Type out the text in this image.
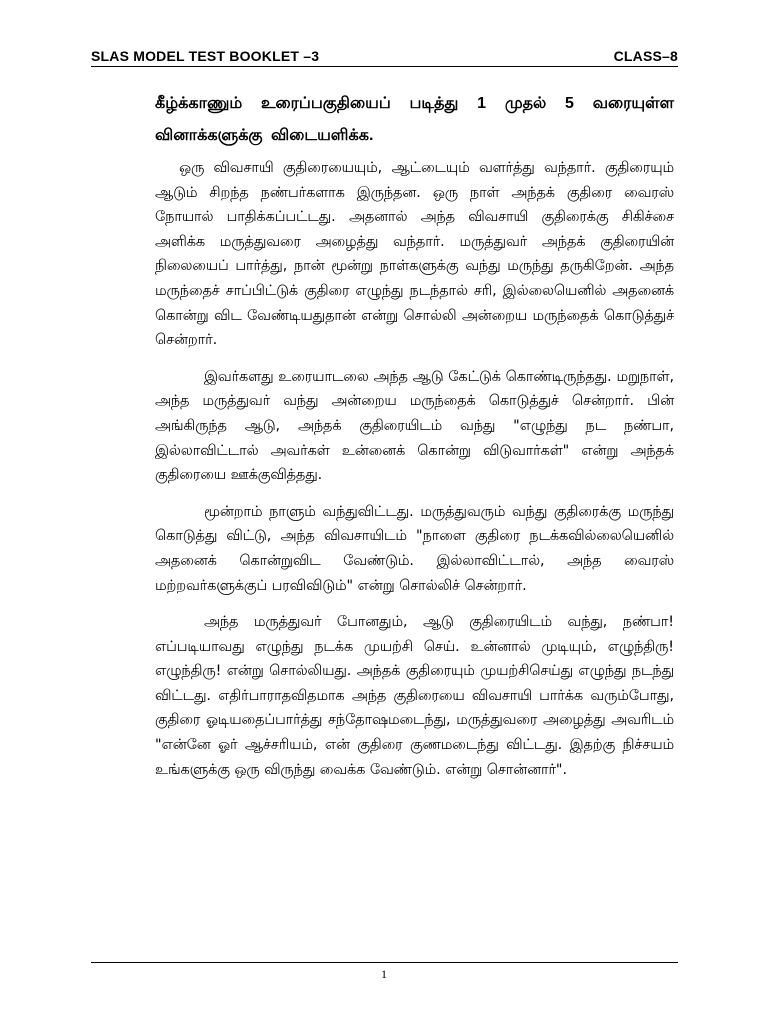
SLAS MODEL TEST BOOKLET –3	CLASS–8

கீழ்க்காணும் உரைப்பகுதியைப் படித்து 1 முதல் 5 வரையுள்ள வினாக்களுக்கு விடையளிக்க.

ஒரு விவசாயி குதிரையையும், ஆட்டையும் வளர்த்து வந்தார். குதிரையும் ஆடும் சிறந்த நண்பர்களாக இருந்தன. ஒரு நாள் அந்தக் குதிரை வைரஸ் நோயால் பாதிக்கப்பட்டது. அதனால் அந்த விவசாயி குதிரைக்கு சிகிச்சை அளிக்க மருத்துவரை அழைத்து வந்தார். மருத்துவர் அந்தக் குதிரையின் நிலையைப் பார்த்து, நான் மூன்று நாள்களுக்கு வந்து மருந்து தருகிறேன். அந்த மருந்தைச் சாப்பிட்டுக் குதிரை எழுந்து நடந்தால் சரி, இல்லையெனில் அதனைக் கொன்று விட வேண்டியதுதான் என்று சொல்லி அன்றைய மருந்தைக் கொடுத்துச் சென்றார்.

இவர்களது உரையாடலை அந்த ஆடு கேட்டுக் கொண்டிருந்தது. மறுநாள், அந்த மருத்துவர் வந்து அன்றைய மருந்தைக் கொடுத்துச் சென்றார். பின் அங்கிருந்த ஆடு, அந்தக் குதிரையிடம் வந்து "எழுந்து நட நண்பா, இல்லாவிட்டால் அவர்கள் உன்னைக் கொன்று விடுவார்கள்" என்று அந்தக் குதிரையை ஊக்குவித்தது.

மூன்றாம் நாளும் வந்துவிட்டது. மருத்துவரும் வந்து குதிரைக்கு மருந்து கொடுத்து விட்டு, அந்த விவசாயிடம் "நாளை குதிரை நடக்கவில்லையெனில் அதனைக் கொன்றுவிட வேண்டும். இல்லாவிட்டால், அந்த வைரஸ் மற்றவர்களுக்குப் பரவிவிடும்" என்று சொல்லிச் சென்றார்.

அந்த மருத்துவர் போனதும், ஆடு குதிரையிடம் வந்து, நண்பா! எப்படியாவது எழுந்து நடக்க முயற்சி செய். உன்னால் முடியும், எழுந்திரு! எழுந்திரு! என்று சொல்லியது. அந்தக் குதிரையும் முயற்சிசெய்து எழுந்து நடந்து விட்டது. எதிர்பாராதவிதமாக அந்த குதிரையை விவசாயி பார்க்க வரும்போது, குதிரை ஓடியதைப்பார்த்து சந்தோஷமடைந்து, மருத்துவரை அழைத்து அவரிடம் "என்னே ஓர் ஆச்சரியம், என் குதிரை குணமடைந்து விட்டது. இதற்கு நிச்சயம் உங்களுக்கு ஒரு விருந்து வைக்க வேண்டும். என்று சொன்னார்".

1
